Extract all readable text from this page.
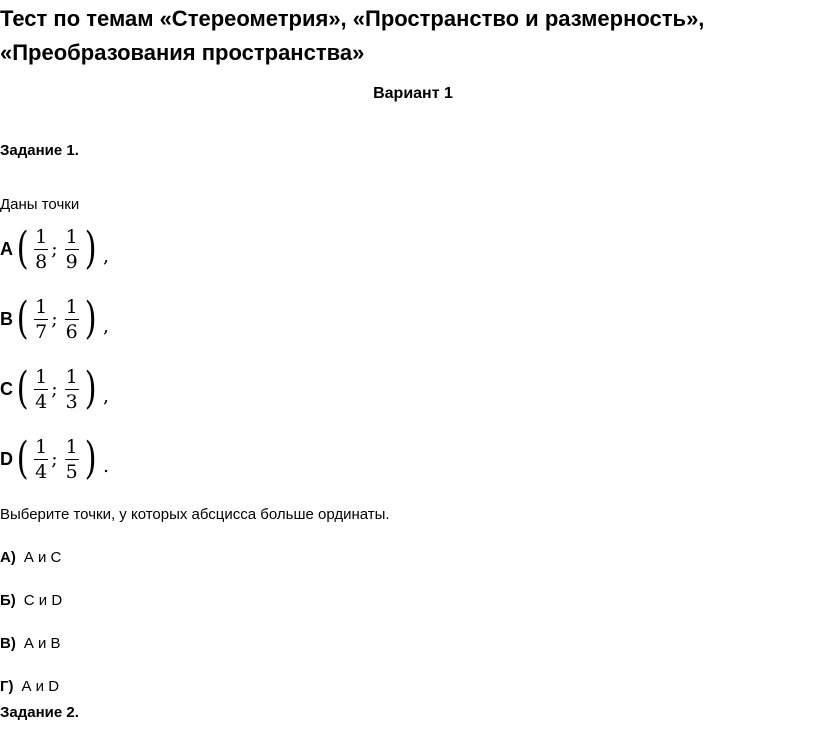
Тест по темам «Стереометрия», «Пространство и размерность»,
«Преобразования пространства»
Вариант 1
Задание 1.
Даны точки
A ( $\frac{1}{8}$ ; $\frac{1}{9}$ ) ,
B ( $\frac{1}{7}$ ; $\frac{1}{6}$ ) ,
C ( $\frac{1}{4}$ ; $\frac{1}{3}$ ) ,
D ( $\frac{1}{4}$ ; $\frac{1}{5}$ ) .
Выберите точки, у которых абсцисса больше ординаты.
А) А и С
Б) С и D
В) А и В
Г) А и D
Задание 2.
